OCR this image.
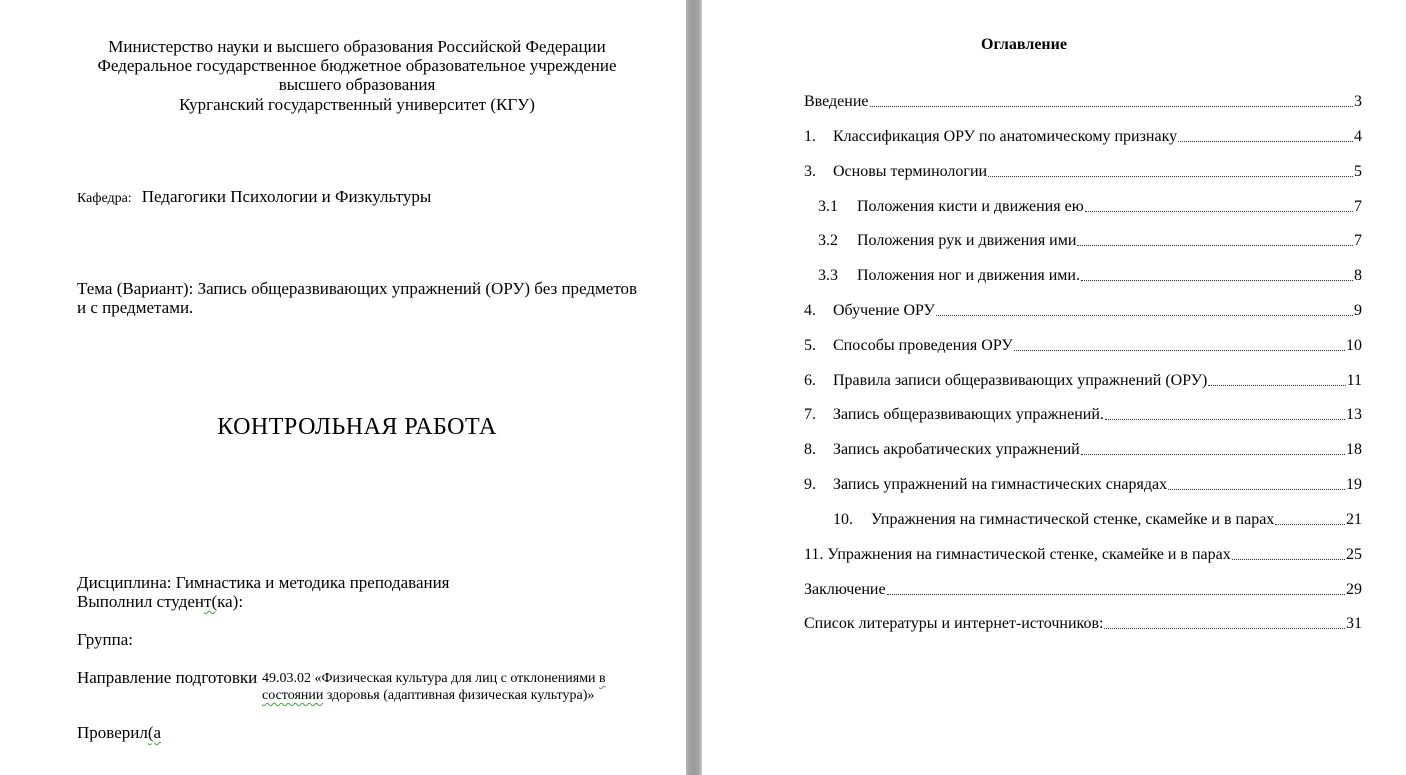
Министерство науки и высшего образования Российской Федерации
Федеральное государственное бюджетное образовательное учреждение
высшего образования
Курганский государственный университет (КГУ)
Кафедра: Педагогики Психологии и Физкультуры
Тема (Вариант): Запись общеразвивающих упражнений (ОРУ) без предметов
и с предметами.
КОНТРОЛЬНАЯ РАБОТА
Дисциплина: Гимнастика и методика преподавания
Выполнил студент(ка):
Группа:
Направление подготовки 49.03.02 «Физическая культура для лиц с отклонениями в
состоянии здоровья (адаптивная физическая культура)»
Проверил(а
Оглавление
Введение	3
1.	Классификация ОРУ по анатомическому признаку	4
3.	Основы терминологии	5
3.1	Положения кисти и движения ею	7
3.2	Положения рук и движения ими	7
3.3	Положения ног и движения ими.	8
4.	Обучение ОРУ	9
5.	Способы проведения ОРУ	10
6.	Правила записи общеразвивающих упражнений (ОРУ)	11
7.	Запись общеразвивающих упражнений.	13
8.	Запись акробатических упражнений	18
9.	Запись упражнений на гимнастических снарядах	19
10.	Упражнения на гимнастической стенке, скамейке и в парах	21
11. Упражнения на гимнастической стенке, скамейке и в парах	25
Заключение	29
Список литературы и интернет-источников:	31
